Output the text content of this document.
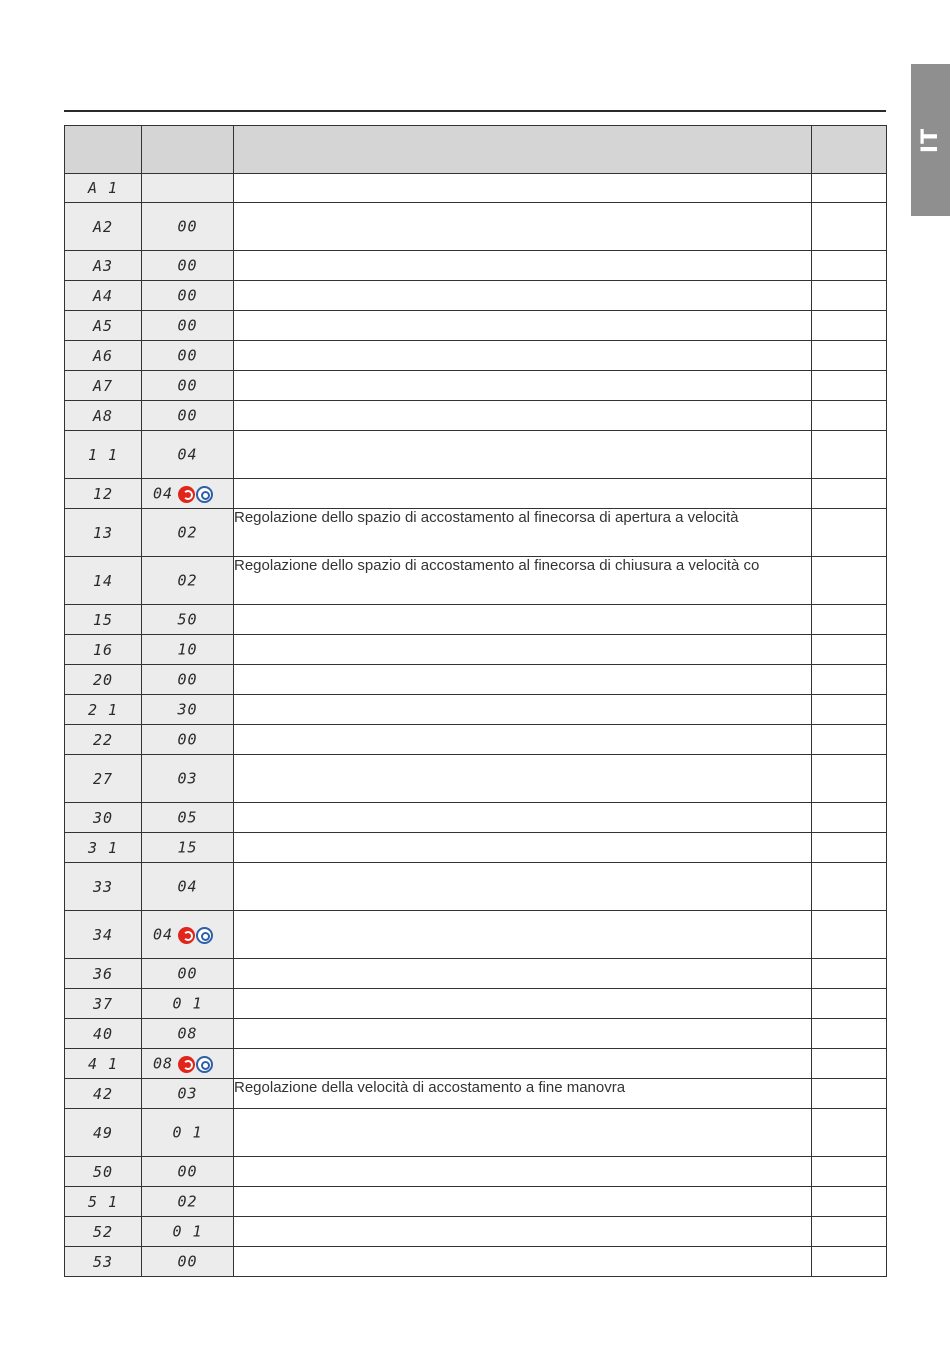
IT

A 1			
A2	00		
A3	00		
A4	00		
A5	00		
A6	00		
A7	00		
A8	00		
1 1	04		
12	04		
13	02	Regolazione dello spazio di accostamento al finecorsa di apertura a velocità	
14	02	Regolazione dello spazio di accostamento al finecorsa di chiusura a velocità co	
15	50		
16	10		
20	00		
2 1	30		
22	00		
27	03		
30	05		
3 1	15		
33	04		
34	04		
36	00		
37	0 1		
40	08		
4 1	08		
42	03	Regolazione della velocità di accostamento a fine manovra	
49	0 1		
50	00		
5 1	02		
52	0 1		
53	00		
